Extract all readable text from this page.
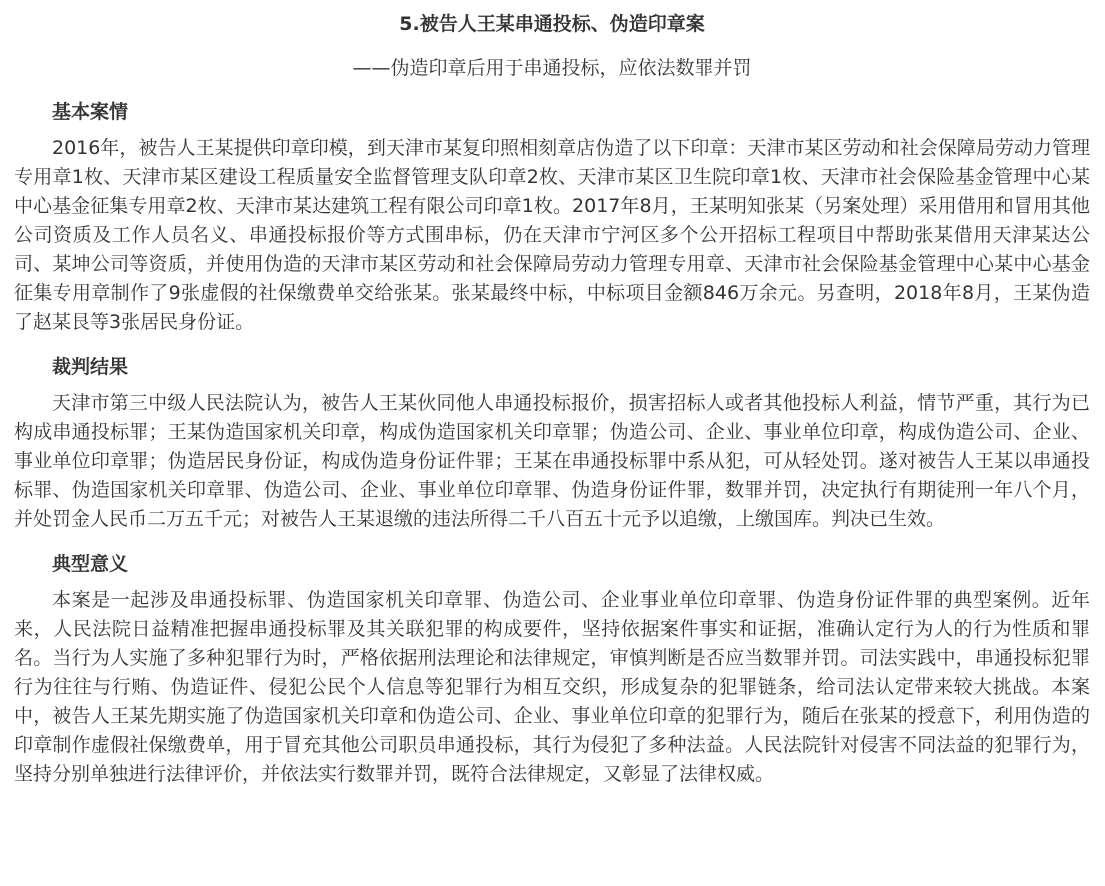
5.被告人王某串通投标、伪造印章案

——伪造印章后用于串通投标，应依法数罪并罚

基本案情

2016年，被告人王某提供印章印模，到天津市某复印照相刻章店伪造了以下印章：天津市某区劳动和社会保障局劳动力管理专用章1枚、天津市某区建设工程质量安全监督管理支队印章2枚、天津市某区卫生院印章1枚、天津市社会保险基金管理中心某中心基金征集专用章2枚、天津市某达建筑工程有限公司印章1枚。2017年8月，王某明知张某（另案处理）采用借用和冒用其他公司资质及工作人员名义、串通投标报价等方式围串标，仍在天津市宁河区多个公开招标工程项目中帮助张某借用天津某达公司、某坤公司等资质，并使用伪造的天津市某区劳动和社会保障局劳动力管理专用章、天津市社会保险基金管理中心某中心基金征集专用章制作了9张虚假的社保缴费单交给张某。张某最终中标，中标项目金额846万余元。另查明，2018年8月，王某伪造了赵某艮等3张居民身份证。

裁判结果

天津市第三中级人民法院认为，被告人王某伙同他人串通投标报价，损害招标人或者其他投标人利益，情节严重，其行为已构成串通投标罪；王某伪造国家机关印章，构成伪造国家机关印章罪；伪造公司、企业、事业单位印章，构成伪造公司、企业、事业单位印章罪；伪造居民身份证，构成伪造身份证件罪；王某在串通投标罪中系从犯，可从轻处罚。遂对被告人王某以串通投标罪、伪造国家机关印章罪、伪造公司、企业、事业单位印章罪、伪造身份证件罪，数罪并罚，决定执行有期徒刑一年八个月，并处罚金人民币二万五千元；对被告人王某退缴的违法所得二千八百五十元予以追缴，上缴国库。判决已生效。

典型意义

本案是一起涉及串通投标罪、伪造国家机关印章罪、伪造公司、企业事业单位印章罪、伪造身份证件罪的典型案例。近年来，人民法院日益精准把握串通投标罪及其关联犯罪的构成要件，坚持依据案件事实和证据，准确认定行为人的行为性质和罪名。当行为人实施了多种犯罪行为时，严格依据刑法理论和法律规定，审慎判断是否应当数罪并罚。司法实践中，串通投标犯罪行为往往与行贿、伪造证件、侵犯公民个人信息等犯罪行为相互交织，形成复杂的犯罪链条，给司法认定带来较大挑战。本案中，被告人王某先期实施了伪造国家机关印章和伪造公司、企业、事业单位印章的犯罪行为，随后在张某的授意下，利用伪造的印章制作虚假社保缴费单，用于冒充其他公司职员串通投标，其行为侵犯了多种法益。人民法院针对侵害不同法益的犯罪行为，坚持分别单独进行法律评价，并依法实行数罪并罚，既符合法律规定，又彰显了法律权威。
